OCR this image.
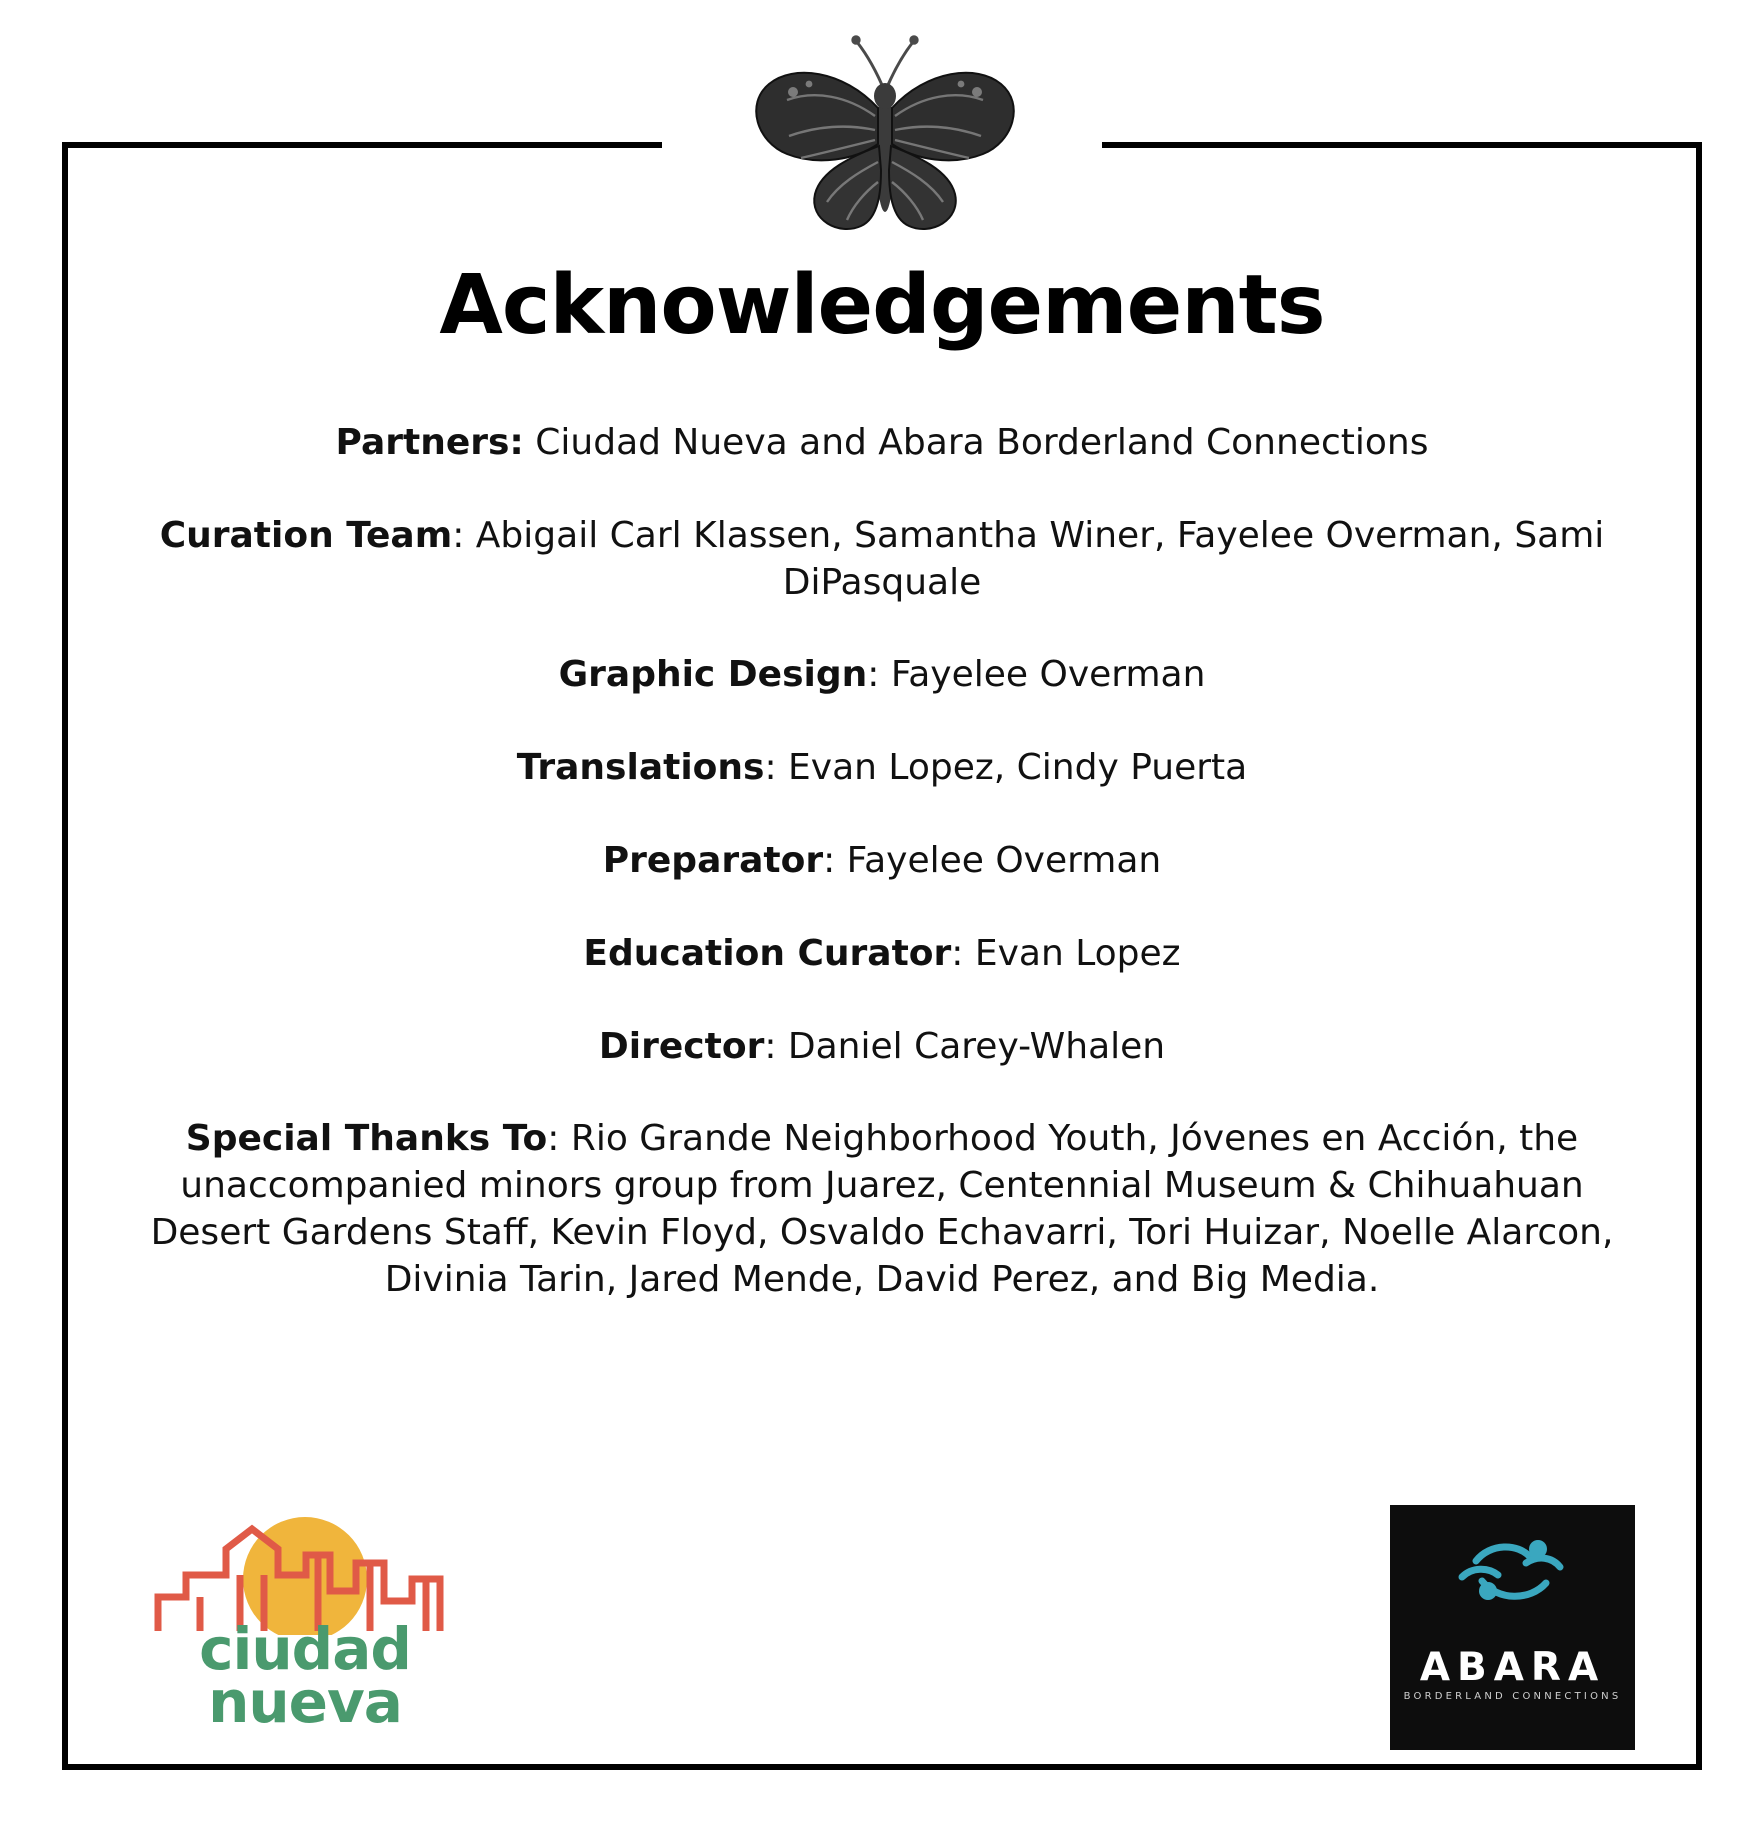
Acknowledgements

Partners: Ciudad Nueva and Abara Borderland Connections

Curation Team: Abigail Carl Klassen, Samantha Winer, Fayelee Overman, Sami DiPasquale

Graphic Design: Fayelee Overman

Translations: Evan Lopez, Cindy Puerta

Preparator: Fayelee Overman

Education Curator: Evan Lopez

Director: Daniel Carey-Whalen

Special Thanks To: Rio Grande Neighborhood Youth, Jóvenes en Acción, the unaccompanied minors group from Juarez, Centennial Museum & Chihuahuan Desert Gardens Staff, Kevin Floyd, Osvaldo Echavarri, Tori Huizar, Noelle Alarcon, Divinia Tarin, Jared Mende, David Perez, and Big Media.

ciudad
nueva
ABARA
BORDERLAND CONNECTIONS
